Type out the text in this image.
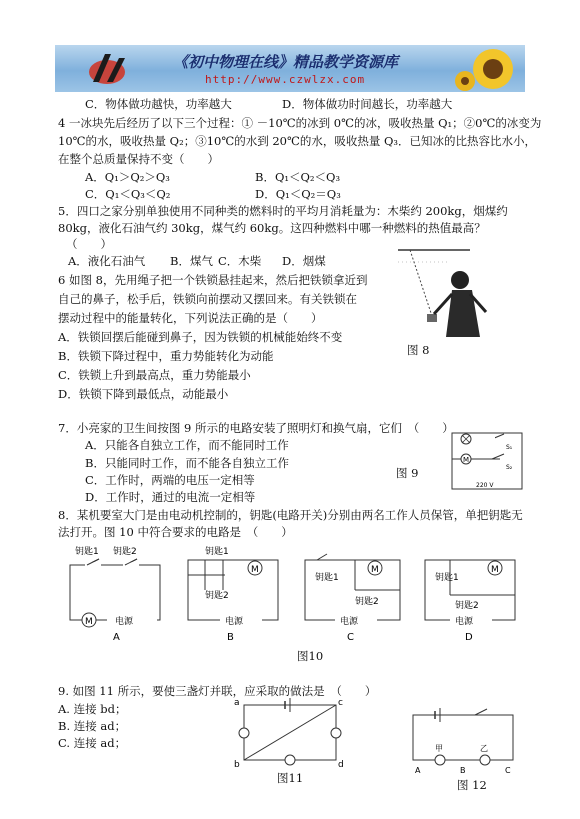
《初中物理在线》精品教学资源库
http://www.czwlzx.com
C．物体做功越快，功率越大	D．物体做功时间越长，功率越大
4 一冰块先后经历了以下三个过程：① －10℃的冰到 0℃的冰，吸收热量 Q₁；②0℃的冰变为
10℃的水，吸收热量 Q₂；③10℃的水到 20℃的水，吸收热量 Q₃．已知冰的比热容比水小，
在整个总质量保持不变（　　）
A．Q₁＞Q₂＞Q₃	B．Q₁＜Q₂＜Q₃
C．Q₁＜Q₃＜Q₂	D．Q₁＜Q₂＝Q₃
5．四口之家分别单独使用不同种类的燃料时的平均月消耗量为：木柴约 200kg，烟煤约
80kg，液化石油气约 30kg，煤气约 60kg。这四种燃料中哪一种燃料的热值最高？
（　　）
A．液化石油气 B．煤气 C．木柴 D．烟煤
6 如图 8，先用绳子把一个铁锁悬挂起来，然后把铁锁拿近到
自己的鼻子，松手后，铁锁向前摆动又摆回来。有关铁锁在
摆动过程中的能量转化，下列说法正确的是（　　）
A．铁锁回摆后能碰到鼻子，因为铁锁的机械能始终不变
B．铁锁下降过程中，重力势能转化为动能
C．铁锁上升到最高点，重力势能最小
D．铁锁下降到最低点，动能最小
图 8
7．小亮家的卫生间按图 9 所示的电路安装了照明灯和换气扇，它们　（　　）
A．只能各自独立工作，而不能同时工作
B．只能同时工作，而不能各自独立工作
C．工作时，两端的电压一定相等
D．工作时，通过的电流一定相等
M
S₁
S₂
220 V
图 9
8．某机要室大门是由电动机控制的，钥匙(电路开关)分别由两名工作人员保管，单把钥匙无
法打开。图 10 中符合要求的电路是　（　　）
钥匙1 钥匙2
M 电源
A
钥匙1
钥匙2
M
电源
B
M
钥匙1
钥匙2
电源
C
M
钥匙1
钥匙2
电源
D
图10
9. 如图 11 所示，要使三盏灯并联，应采取的做法是　（　　）
A. 连接 bd；
B. 连接 ad；
C. 连接 ad；
a	c
b	d
图11
甲	乙
A	B	C
图 12
